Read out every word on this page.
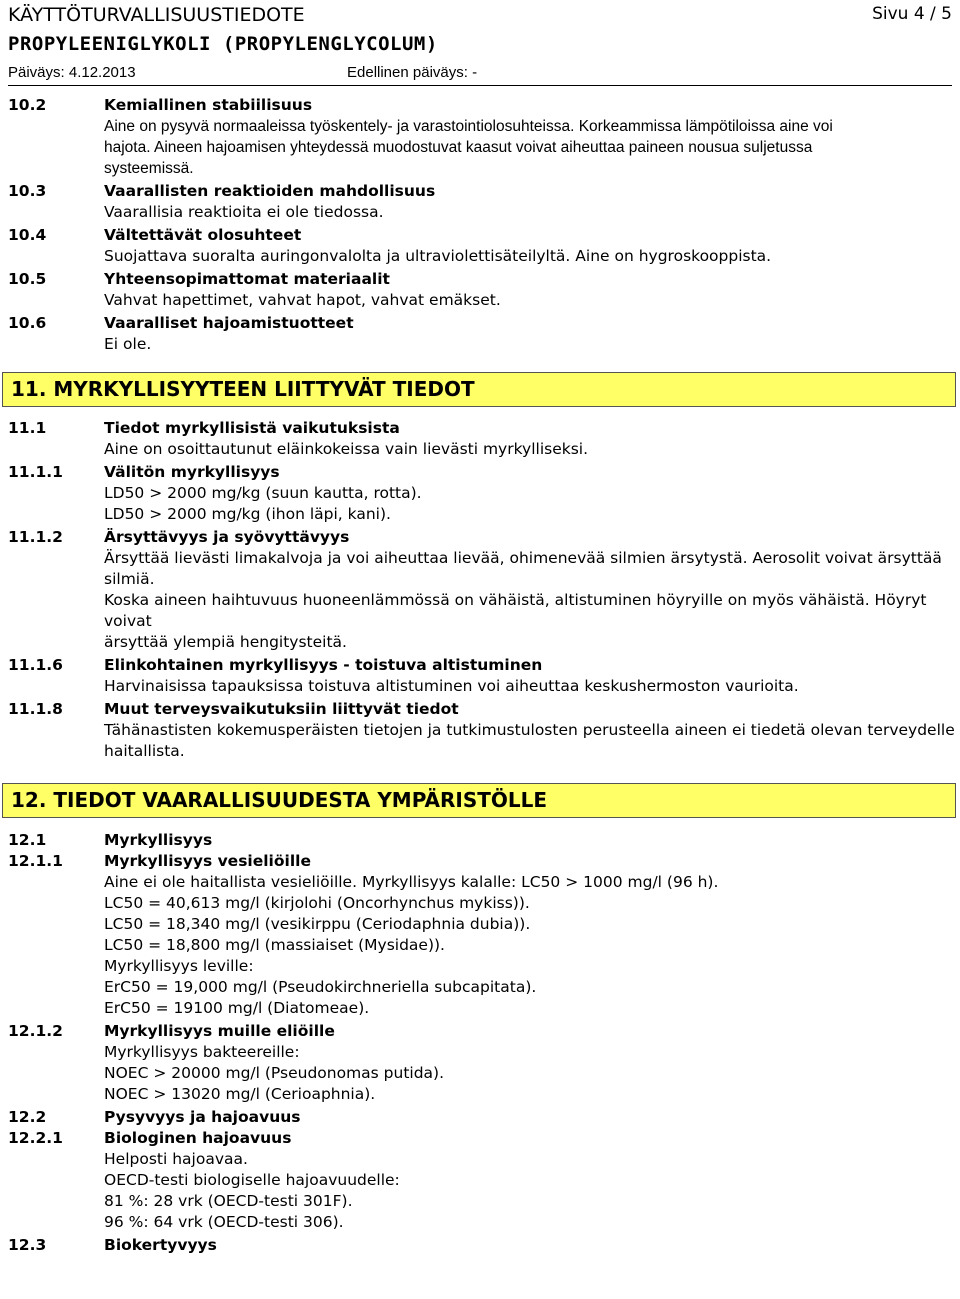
KÄYTTÖTURVALLISUUSTIEDOTE	Sivu 4 / 5
PROPYLEENIGLYKOLI (PROPYLENGLYCOLUM)
Päiväys: 4.12.2013	Edellinen päiväys: -
10.2	Kemiallinen stabiilisuus

Aine on pysyvä normaaleissa työskentely- ja varastointiolosuhteissa. Korkeammissa lämpötiloissa aine voi

hajota. Aineen hajoamisen yhteydessä muodostuvat kaasut voivat aiheuttaa paineen nousua suljetussa

systeemissä.

10.3	Vaarallisten reaktioiden mahdollisuus

Vaarallisia reaktioita ei ole tiedossa.

10.4	Vältettävät olosuhteet

Suojattava suoralta auringonvalolta ja ultraviolettisäteilyltä. Aine on hygroskooppista.

10.5	Yhteensopimattomat materiaalit

Vahvat hapettimet, vahvat hapot, vahvat emäkset.

10.6	Vaaralliset hajoamistuotteet

Ei ole.

11. MYRKYLLISYYTEEN LIITTYVÄT TIEDOT
11.1	Tiedot myrkyllisistä vaikutuksista

Aine on osoittautunut eläinkokeissa vain lievästi myrkylliseksi.

11.1.1	Välitön myrkyllisyys

LD50 > 2000 mg/kg (suun kautta, rotta).

LD50 > 2000 mg/kg (ihon läpi, kani).

11.1.2	Ärsyttävyys ja syövyttävyys

Ärsyttää lievästi limakalvoja ja voi aiheuttaa lievää, ohimenevää silmien ärsytystä. Aerosolit voivat ärsyttää

silmiä.

Koska aineen haihtuvuus huoneenlämmössä on vähäistä, altistuminen höyryille on myös vähäistä. Höyryt voivat

ärsyttää ylempiä hengitysteitä.

11.1.6	Elinkohtainen myrkyllisyys - toistuva altistuminen

Harvinaisissa tapauksissa toistuva altistuminen voi aiheuttaa keskushermoston vaurioita.

11.1.8	Muut terveysvaikutuksiin liittyvät tiedot

Tähänastisten kokemusperäisten tietojen ja tutkimustulosten perusteella aineen ei tiedetä olevan terveydelle

haitallista.

12. TIEDOT VAARALLISUUDESTA YMPÄRISTÖLLE
12.1	Myrkyllisyys
12.1.1	Myrkyllisyys vesieliöille

Aine ei ole haitallista vesieliöille. Myrkyllisyys kalalle: LC50 > 1000 mg/l (96 h).

LC50 = 40,613 mg/l (kirjolohi (Oncorhynchus mykiss)).

LC50 = 18,340 mg/l (vesikirppu (Ceriodaphnia dubia)).

LC50 = 18,800 mg/l (massiaiset (Mysidae)).

Myrkyllisyys leville:

ErC50 = 19,000 mg/l (Pseudokirchneriella subcapitata).

ErC50 = 19100 mg/l (Diatomeae).

12.1.2	Myrkyllisyys muille eliöille

Myrkyllisyys bakteereille:

NOEC > 20000 mg/l (Pseudonomas putida).

NOEC > 13020 mg/l (Cerioaphnia).

12.2	Pysyvyys ja hajoavuus
12.2.1	Biologinen hajoavuus

Helposti hajoavaa.

OECD-testi biologiselle hajoavuudelle:

81 %: 28 vrk (OECD-testi 301F).

96 %: 64 vrk (OECD-testi 306).

12.3	Biokertyvyys
